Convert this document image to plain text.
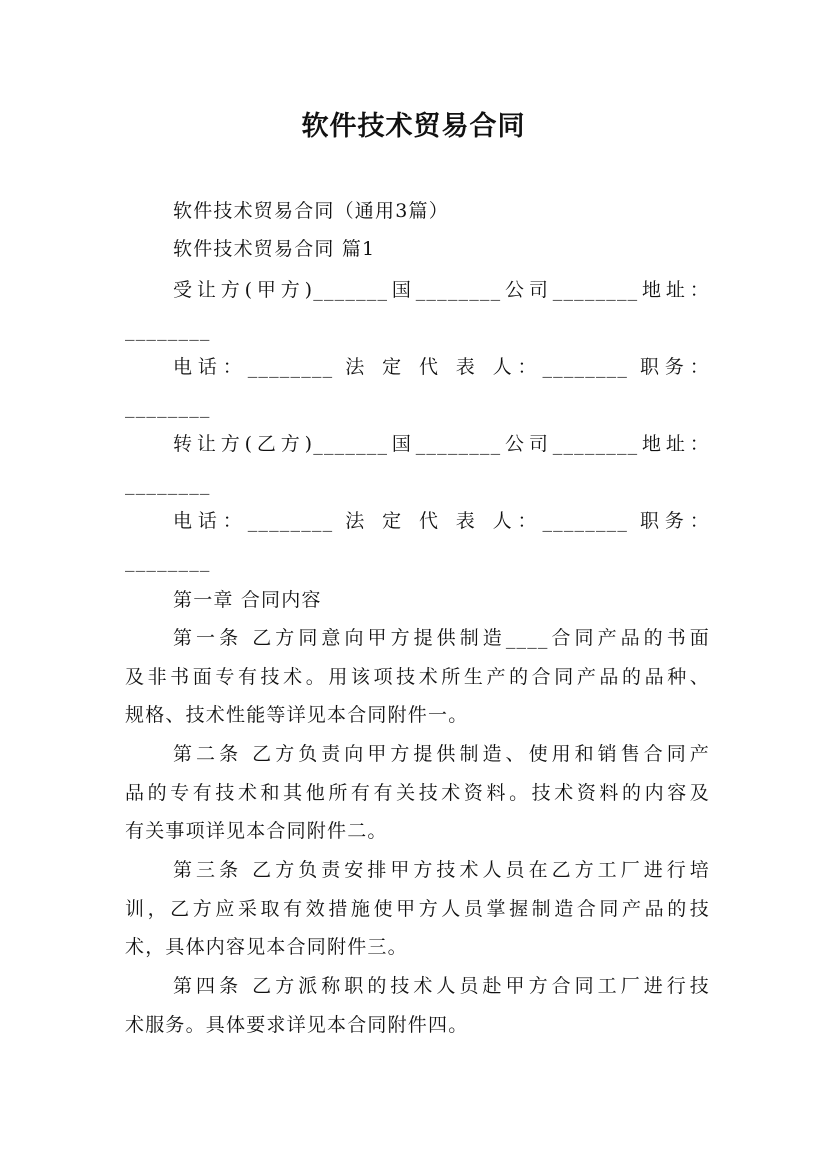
软件技术贸易合同
软件技术贸易合同（通用3篇）
软件技术贸易合同 篇1
受让方(甲方)_______国________公司________地址：
________
电话：________ 法 定 代 表 人：________ 职务：
________
转让方(乙方)_______国________公司________地址：
________
电话：________ 法 定 代 表 人：________ 职务：
________
第一章 合同内容
第一条 乙方同意向甲方提供制造____合同产品的书面
及非书面专有技术。用该项技术所生产的合同产品的品种、
规格、技术性能等详见本合同附件一。
第二条 乙方负责向甲方提供制造、使用和销售合同产
品的专有技术和其他所有有关技术资料。技术资料的内容及
有关事项详见本合同附件二。
第三条 乙方负责安排甲方技术人员在乙方工厂进行培
训，乙方应采取有效措施使甲方人员掌握制造合同产品的技
术，具体内容见本合同附件三。
第四条 乙方派称职的技术人员赴甲方合同工厂进行技
术服务。具体要求详见本合同附件四。
